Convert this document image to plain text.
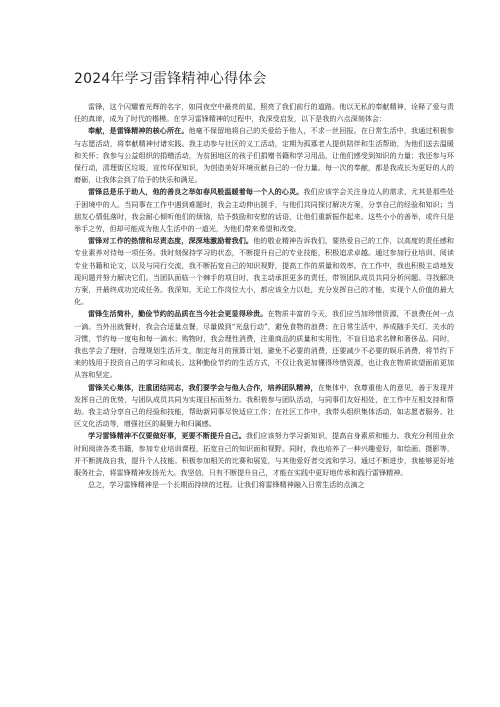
2024年学习雷锋精神心得体会

雷锋，这个闪耀着光辉的名字，如同夜空中最亮的星，照亮了我们前行的道路。他以无私的奉献精神，诠释了爱与责任的真谛，成为了时代的楷模。在学习雷锋精神的过程中，我深受启发，以下是我的六点深刻体会：

奉献，是雷锋精神的核心所在。他毫不保留地将自己的关爱给予他人，不求一丝回报。在日常生活中，我通过积极参与志愿活动，将奉献精神付诸实践。我主动参与社区的义工活动，定期为孤寡老人提供陪伴和生活帮助，为他们送去温暖和关怀；我参与公益组织的捐赠活动，为贫困地区的孩子们捐赠书籍和学习用品，让他们感受到知识的力量；我还参与环保行动，清理街区垃圾，宣传环保知识，为创造美好环境贡献自己的一份力量。每一次的奉献，都是我成长为更好的人的磨砺，让我体会到了给予的快乐和满足。

雷锋总是乐于助人，他的善良之举如春风般温暖着每一个人的心灵。我们应该学会关注身边人的需求，尤其是那些处于困境中的人。当同事在工作中遇到难题时，我会主动伸出援手，与他们共同探讨解决方案，分享自己的经验和知识；当朋友心情低落时，我会耐心倾听他们的烦恼，给予鼓励和安慰的话语，让他们重新振作起来。这些小小的善举，或许只是举手之劳，但却可能成为他人生活中的一道光，为他们带来希望和改变。

雷锋对工作的热情和尽责态度，深深地激励着我们。他的敬业精神告诉我们，要热爱自己的工作，以高度的责任感和专业素养对待每一项任务。我时刻保持学习的状态，不断提升自己的专业技能，积极追求卓越。通过参加行业培训、阅读专业书籍和论文，以及与同行交流，我不断拓宽自己的知识视野，提高工作的质量和效率。在工作中，我也积极主动地发现问题并努力解决它们。当团队面临一个棘手的项目时，我主动承担更多的责任，带领团队成员共同分析问题、寻找解决方案，并最终成功完成任务。我深知，无论工作岗位大小，都应该全力以赴，充分发挥自己的才能，实现个人价值的最大化。

雷锋生活简朴，勤俭节约的品质在当今社会更显得珍贵。在物质丰富的今天，我们应当加珍惜资源，不浪费任何一点一滴。当外出就餐时，我会合适量点餐，尽量做到“光盘行动”，避免食物的浪费；在日常生活中，养成随手关灯、关水的习惯，节约每一度电和每一滴水；购物时，我会理性消费，注重商品的质量和实用性，不盲目追求名牌和奢侈品。同时，我也学会了理财，合理规划生活开支，制定每月的预算计划，避免不必要的消费，还要减少不必要的娱乐消费，将节约下来的钱用于投资自己的学习和成长。这种勤俭节约的生活方式，不仅让我更加懂得珍惜资源，也让我在物质欲望面前更加从容和坚定。

雷锋关心集体，注重团结同志，我们要学会与他人合作，培养团队精神，在集体中，我尊重他人的意见，善于发现并发挥自己的优势，与团队成员共同为实现目标而努力。我积极参与团队活动，与同事们友好相处，在工作中互相支持和帮助。我主动分享自己的经验和技能，帮助新同事尽快适应工作；在社区工作中，我带头组织集体活动，如志愿者服务、社区文化活动等，增强社区的凝聚力和归属感。

学习雷锋精神不仅要做好事，更要不断提升自己。我们应该努力学习新知识，提高自身素质和能力。我充分利用业余时间阅读各类书籍，参加专业培训课程，拓宽自己的知识面和视野。同时，我也培养了一种兴趣爱好，如绘画、摄影等，并不断挑战自我，提升个人技能。积极参加相关的比赛和展览，与其他爱好者交流和学习。通过不断进步，我能够更好地服务社会，将雷锋精神发扬光大。我坚信，只有不断提升自己，才能在实践中更好地传承和践行雷锋精神。

总之，学习雷锋精神是一个长期而持续的过程。让我们将雷锋精神融入日常生活的点滴之
